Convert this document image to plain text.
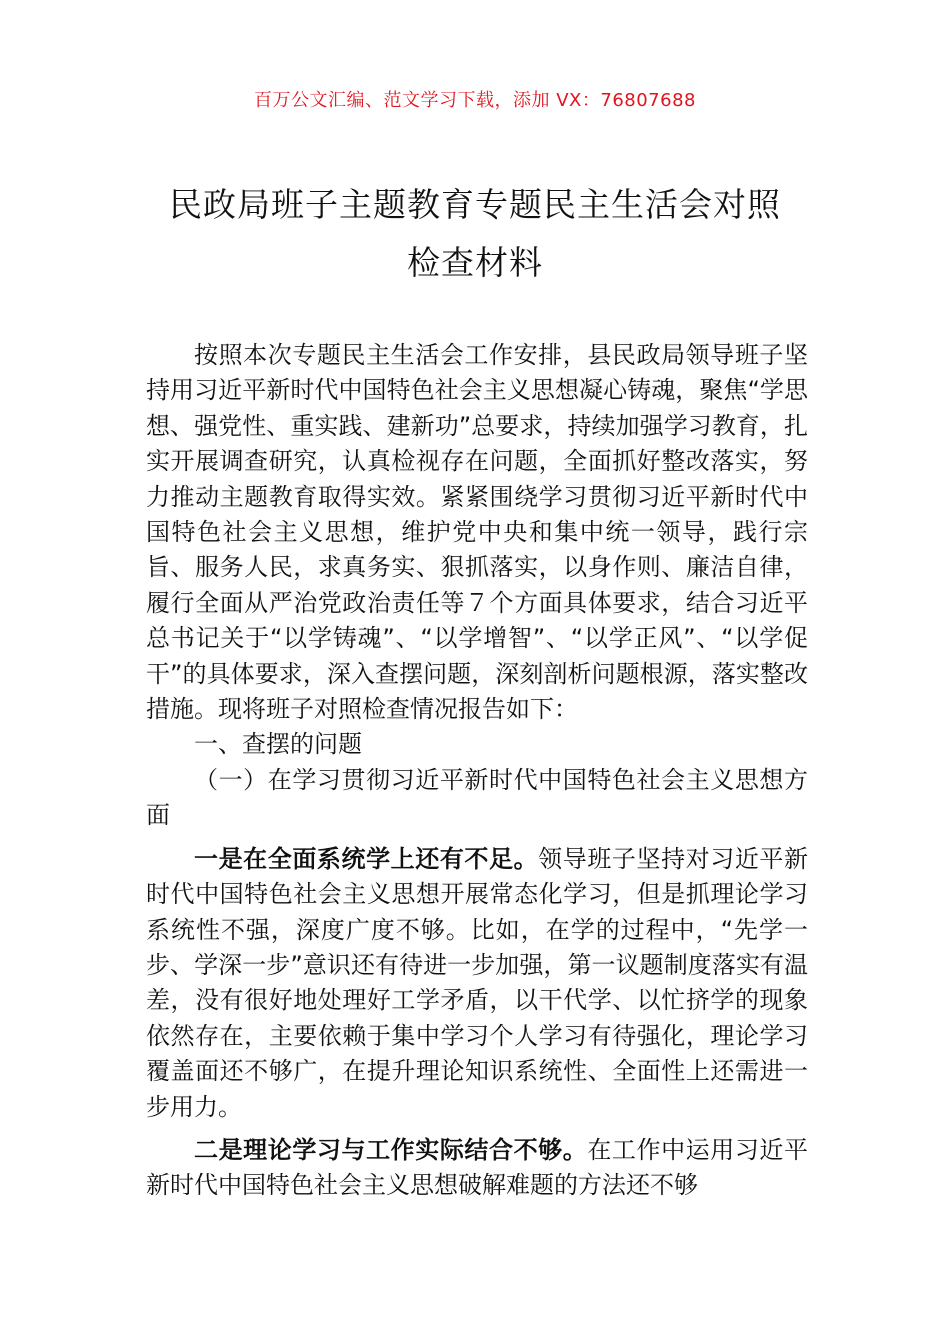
百万公文汇编、范文学习下载，添加 VX：76807688
民政局班子主题教育专题民主生活会对照
检查材料

按照本次专题民主生活会工作安排，县民政局领导班子坚持用习近平新时代中国特色社会主义思想凝心铸魂，聚焦“学思想、强党性、重实践、建新功”总要求，持续加强学习教育，扎实开展调查研究，认真检视存在问题，全面抓好整改落实，努力推动主题教育取得实效。紧紧围绕学习贯彻习近平新时代中国特色社会主义思想，维护党中央和集中统一领导，践行宗旨、服务人民，求真务实、狠抓落实，以身作则、廉洁自律，履行全面从严治党政治责任等７个方面具体要求，结合习近平总书记关于“以学铸魂”、“以学增智”、“以学正风”、“以学促干”的具体要求，深入查摆问题，深刻剖析问题根源，落实整改措施。现将班子对照检查情况报告如下：

一、查摆的问题

（一）在学习贯彻习近平新时代中国特色社会主义思想方面

一是在全面系统学上还有不足。领导班子坚持对习近平新时代中国特色社会主义思想开展常态化学习，但是抓理论学习系统性不强，深度广度不够。比如，在学的过程中，“先学一步、学深一步”意识还有待进一步加强，第一议题制度落实有温差，没有很好地处理好工学矛盾，以干代学、以忙挤学的现象依然存在，主要依赖于集中学习个人学习有待强化，理论学习覆盖面还不够广，在提升理论知识系统性、全面性上还需进一步用力。

二是理论学习与工作实际结合不够。在工作中运用习近平新时代中国特色社会主义思想破解难题的方法还不够
